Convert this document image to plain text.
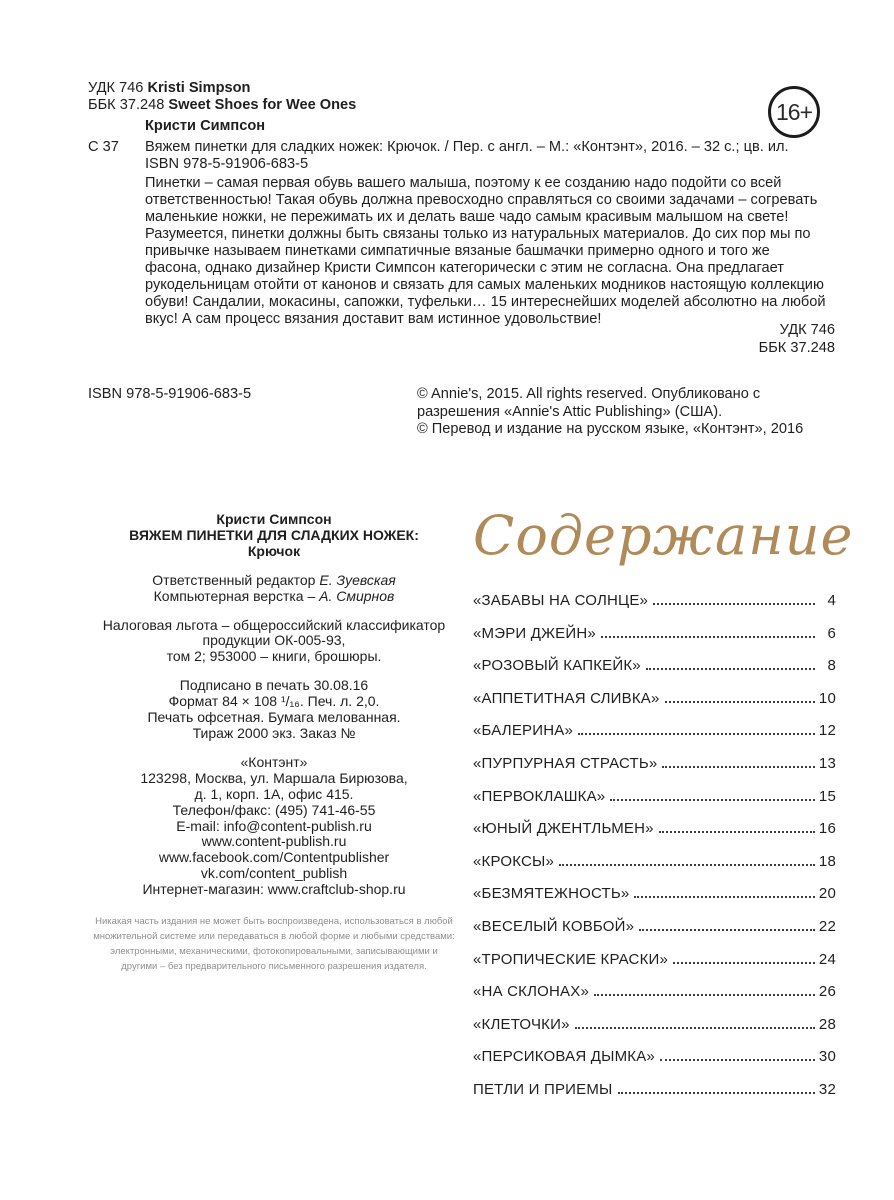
16+
УДК 746 Kristi Simpson
ББК 37.248 Sweet Shoes for Wee Ones
Кристи Симпсон
С 37	Вяжем пинетки для сладких ножек: Крючок. / Пер. с англ. – М.: «Контэнт», 2016. – 32 с.; цв. ил.
ISBN 978-5-91906-683-5

Пинетки – самая первая обувь вашего малыша, поэтому к ее созданию надо подойти со всей ответственностью! Такая обувь должна превосходно справляться со своими задачами – согревать маленькие ножки, не пережимать их и делать ваше чадо самым красивым малышом на свете! Разумеется, пинетки должны быть связаны только из натуральных материалов. До сих пор мы по привычке называем пинетками симпатичные вязаные башмачки примерно одного и того же фасона, однако дизайнер Кристи Симпсон категорически с этим не согласна. Она предлагает рукодельницам отойти от канонов и связать для самых маленьких модников настоящую коллекцию обуви! Сандалии, мокасины, сапожки, туфельки… 15 интереснейших моделей абсолютно на любой вкус! А сам процесс вязания доставит вам истинное удовольствие!

УДК 746
ББК 37.248
ISBN 978-5-91906-683-5	© Annie's, 2015. All rights reserved. Опубликовано с разрешения «Annie's Attic Publishing» (США).
© Перевод и издание на русском языке, «Контэнт», 2016
Кристи Симпсон
ВЯЖЕМ ПИНЕТКИ ДЛЯ СЛАДКИХ НОЖЕК:
Крючок
Ответственный редактор Е. Зуевская
Компьютерная верстка – А. Смирнов
Налоговая льгота – общероссийский классификатор
продукции ОК-005-93,
том 2; 953000 – книги, брошюры.
Подписано в печать 30.08.16
Формат 84 × 108 ¹/₁₆. Печ. л. 2,0.
Печать офсетная. Бумага мелованная.
Тираж 2000 экз. Заказ №
«Контэнт»
123298, Москва, ул. Маршала Бирюзова,
д. 1, корп. 1А, офис 415.
Телефон/факс: (495) 741-46-55
E-mail: info@content-publish.ru
www.content-publish.ru
www.facebook.com/Contentpublisher
vk.com/content_publish
Интернет-магазин: www.craftclub-shop.ru

Никакая часть издания не может быть воспроизведена, использоваться в любой множительной системе или передаваться в любой форме и любыми средствами: электронными, механическими, фотокопировальными, записывающими и другими – без предварительного письменного разрешения издателя.

Содержание
«ЗАБАВЫ НА СОЛНЦЕ»	4
«МЭРИ ДЖЕЙН»	6
«РОЗОВЫЙ КАПКЕЙК»	8
«АППЕТИТНАЯ СЛИВКА»	10
«БАЛЕРИНА»	12
«ПУРПУРНАЯ СТРАСТЬ»	13
«ПЕРВОКЛАШКА»	15
«ЮНЫЙ ДЖЕНТЛЬМЕН»	16
«КРОКСЫ»	18
«БЕЗМЯТЕЖНОСТЬ»	20
«ВЕСЕЛЫЙ КОВБОЙ»	22
«ТРОПИЧЕСКИЕ КРАСКИ»	24
«НА СКЛОНАХ»	26
«КЛЕТОЧКИ»	28
«ПЕРСИКОВАЯ ДЫМКА»	30
ПЕТЛИ И ПРИЕМЫ	32
